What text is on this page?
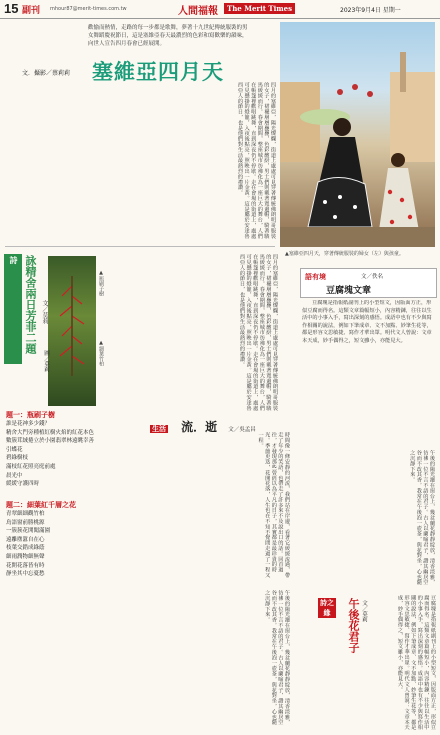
15 副刊 mhour87@merit-times.com.tw	人間福報	The Merit Times	2023年9月4日 星期一
歡愉而熱情，走路的每一步都是歌舞，夢著十九世紀傳統服裝的男女舞蹈慶祝節日，這是塞維亞春天最濃烈的色彩和寫歡樂的韻味，向世人宣告四月春會已經展開。
塞維亞四月天
文．攝影／蔡莉莉
▲塞維亞四月天，穿著傳統服裝的婦女（左）與孩童。
四月的塞維亞，陽光燦爛，街道上處處可見穿著傳統佛朗明哥服裝的女子，裙襬層層疊疊，色彩繽紛，男士們則戴著寬邊帽，騎著駿馬緩緩而行。春會期間，整座城市彷彿化為一座巨大的舞台，人們在帳篷裡歡唱跳舞，直到深夜仍不停歇。走在會場的街道上，處處可見懸掛的燈籠，入夜後點亮，照映出一片金黃。這是屬於安達魯西亞人的節日，也是他們對生活最熱烈的禮讚。
詩 詠精舍兩日芳菲二題 文／莫莉
▲瓶刷子樹
▲細葉竹柏
題一：瓶刷子樹
誰是花神多少錢？
精舍大門旁種植紅樹火焰的紅花本色
數簇茸絨捲立於小園翡翠林遠眺幸善
引蝶花
碧綠樹枝
滿枝紅花照亮庭前處
晨光中
緩緩守護四時
題二：細葉紅千層之花
青翠細細觀竹柏
鳥語窗前勝桃源
一簇簇花開聞滿園
遠離塵囂自在心
枝葉交錯成綠蔭
細雨潤物細無聲
花開花落皆有時
靜坐其中忘憂愁
四月的塞維亞，陽光燦爛，街道上處處可見穿著傳統佛朗明哥服裝的女子，裙襬層層疊疊，色彩繽紛，男士們則戴著寬邊帽，騎著駿馬緩緩而行。春會期間，整座城市彷彿化為一座巨大的舞台，人們在帳篷裡歡唱跳舞，直到深夜仍不停歇。走在會場的街道上，處處可見懸掛的燈籠，入夜後點亮，照映出一片金黃。這是屬於安達魯西亞人的節日，也是他們對生活最熱烈的禮讚。
生活 流．逝 文／吳孟昌
時間像一條安靜的河流，我們站在岸邊，看著它緩緩流過，帶走了年少的笑語，也帶走了許多來不及說出口的話。回首過往，才發現那些曾經以為平凡的日子，其實都是最珍貴的時光。季節更迭，花開花落，人生也在不知不覺間走過了一程又一程。
午後的陽光灑在窗台上，幾盆蘭花靜靜綻放，清香淡雅，彷彿一位不言不語的君子。古人以蘭喻君子，讚其幽居空谷而不改其香。我常在午後泡一壺茶，與花對坐，心也隨之沉靜下來。
語有境	文／佚名
豆腐塊文章
豆腐塊是指報紙副刊上的小型短文，因版面方正，形似豆腐而得名。這類文章篇幅短小，內容精鍊，往往以生活中的小事入手，寫出深刻的感悟。成語中也有不少與寫作相關的說法，例如下筆成章、文不加點、妙筆生花等，都是形容文思敏捷、寫作才華出眾。明代文人曾說：文章本天成，妙手偶得之，短文雖小，亦能見大。
詩之緣	午後花君子 文／莫莉
午後的陽光灑在窗台上，幾盆蘭花靜靜綻放，清香淡雅，彷彿一位不言不語的君子。古人以蘭喻君子，讚其幽居空谷而不改其香。我常在午後泡一壺茶，與花對坐，心也隨之沉靜下來。
豆腐塊是指報紙副刊上的小型短文，因版面方正，形似豆腐而得名。這類文章篇幅短小，內容精鍊，往往以生活中的小事入手，寫出深刻的感悟。成語中也有不少與寫作相關的說法，例如下筆成章、文不加點、妙筆生花等，都是形容文思敏捷、寫作才華出眾。明代文人曾說：文章本天成，妙手偶得之，短文雖小，亦能見大。
圖／莫莉
